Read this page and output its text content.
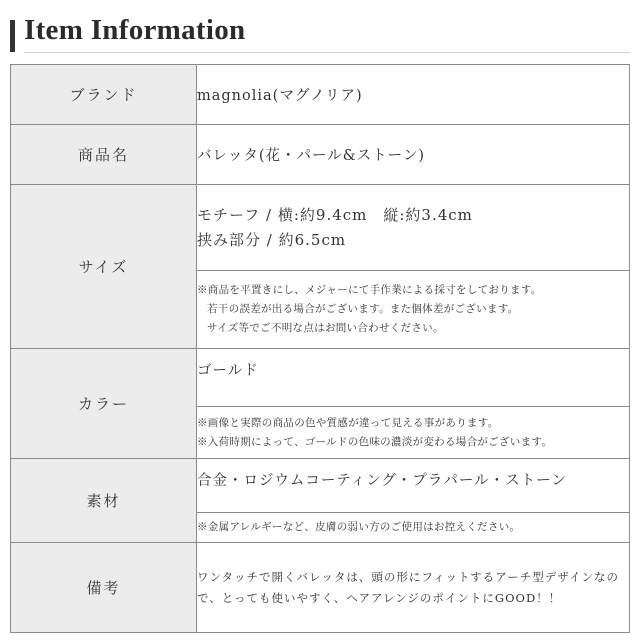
Item Information
ブランド	magnolia(マグノリア)
商品名	バレッタ(花・パール&ストーン)
サイズ	モチーフ / 横:約9.4cm　縦:約3.4cm
挟み部分 / 約6.5cm

	※商品を平置きにし、メジャーにて手作業による採寸をしております。
若干の誤差が出る場合がございます。また個体差がございます。
サイズ等でご不明な点はお問い合わせください。

カラー	ゴールド

	※画像と実際の商品の色や質感が違って見える事があります。
※入荷時期によって、ゴールドの色味の濃淡が変わる場合がございます。

素材	合金・ロジウムコーティング・プラパール・ストーン
	※金属アレルギーなど、皮膚の弱い方のご使用はお控えください。
備考	ワンタッチで開くバレッタは、頭の形にフィットするアーチ型デザインなので、とっても使いやすく、ヘアアレンジのポイントにGOOD！！
